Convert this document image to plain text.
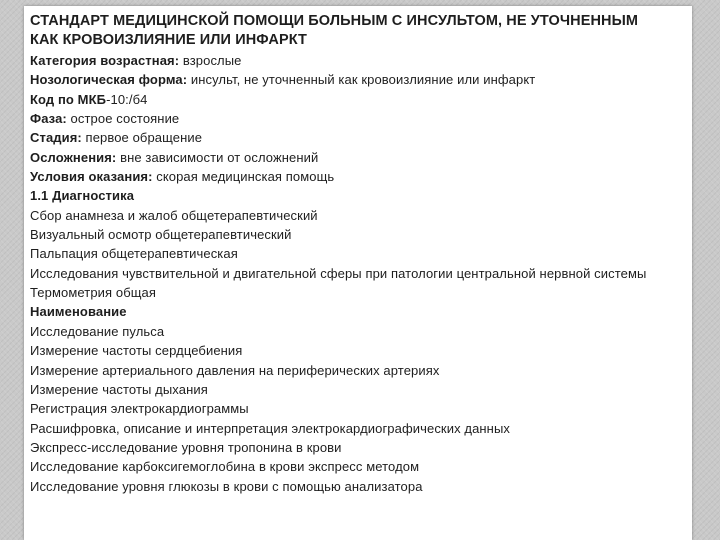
СТАНДАРТ МЕДИЦИНСКОЙ ПОМОЩИ БОЛЬНЫМ С ИНСУЛЬТОМ, НЕ УТОЧНЕННЫМ КАК КРОВОИЗЛИЯНИЕ ИЛИ ИНФАРКТ
Категория возрастная: взрослые
Нозологическая форма: инсульт, не уточненный как кровоизлияние или инфаркт
Код по МКБ-10:/б4
Фаза: острое состояние
Стадия: первое обращение
Осложнения: вне зависимости от осложнений
Условия оказания: скорая медицинская помощь
1.1 Диагностика
Сбор анамнеза и жалоб общетерапевтический
Визуальный осмотр общетерапевтический
Пальпация общетерапевтическая
Исследования чувствительной и двигательной сферы при патологии центральной нервной системы
Термометрия общая
Наименование
Исследование пульса
Измерение частоты сердцебиения
Измерение артериального давления на периферических артериях
Измерение частоты дыхания
Регистрация электрокардиограммы
Расшифровка, описание и интерпретация электрокардиографических данных
Экспресс-исследование уровня тропонина в крови
Исследование карбоксигемоглобина в крови экспресс методом
Исследование уровня глюкозы в крови с помощью анализатора
